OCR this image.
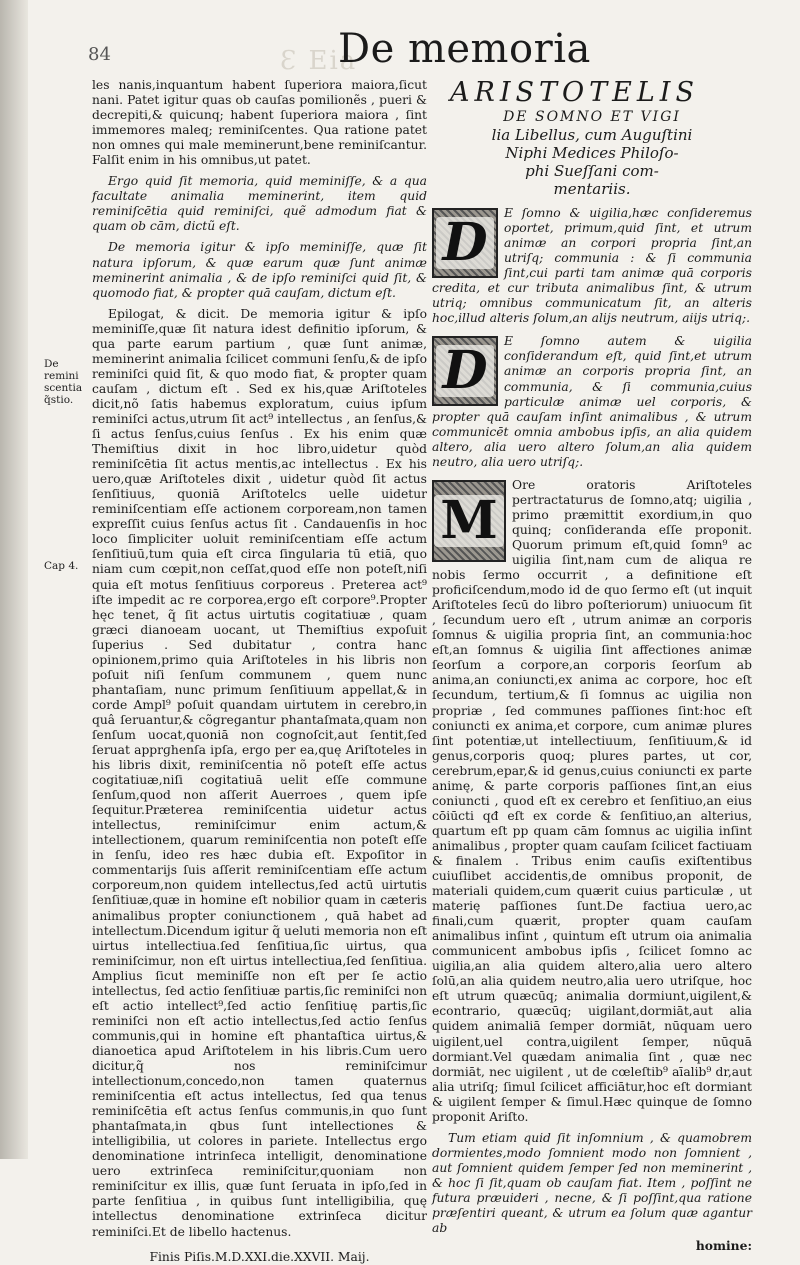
Ɛ Eia
84	De memoria
De remini scentia q̃stio.
Cap 4.

les nanis,inquantum habent ſuperiora maiora,ſicut nani. Patet igitur quas ob cauſas pomilionẽs , pueri & decrepiti,& quicunq; habent ſuperiora maiora , ſint immemores maleq; reminiſcentes. Qua ratione patet non omnes qui male meminerunt,bene reminiſcantur. Falſit enim in his omnibus,ut patet.

Ergo quid ſit memoria, quid meminiſſe, & a qua facultate animalia meminerint, item quid reminiſcētia quid reminiſci, quẽ admodum fiat & quam ob cām, dictũ eſt.

De memoria igitur & ipſo meminiſſe, quæ ſit natura ipſorum, & quæ earum quæ ſunt animæ meminerint animalia , & de ipſo reminiſci quid ſit, & quomodo fiat, & propter quā cauſam, dictum eſt.

Epilogat, & dicit. De memoria igitur & ipſo meminiſſe,quæ ſit natura idest definitio ipſorum, & qua parte earum partium , quæ ſunt animæ, meminerint animalia ſcilicet communi ſenſu,& de ipſo reminiſci quid ſit, & quo modo fiat, & propter quam cauſam , dictum eſt . Sed ex his,quæ Ariſtoteles dicit,nõ ſatis habemus exploratum, cuius ipſum reminiſci actus,utrum ſit act⁹ intellectus , an ſenſus,& ſi actus ſenſus,cuius ſenſus . Ex his enim quæ Themiſtius dixit in hoc libro,uidetur quòd reminiſcētia ſit actus mentis,ac intellectus . Ex his uero,quæ Ariſtoteles dixit , uidetur quòd ſit actus ſenſitiuus, quoniā Ariſtotelcs uelle uidetur reminiſcentiam eſſe actionem corpoream,non tamen expreſſit cuius ſenſus actus ſit . Candauenſis in hoc loco ſimpliciter uoluit reminiſcentiam eſſe actum ſenſitiuū,tum quia eſt circa ſingularia tū etiā, quo niam cum cœpit,non ceſſat,quod eſſe non poteſt,niſi quia eſt motus ſenſitiuus corporeus . Preterea act⁹ iſte impedit ac re corporea,ergo eſt corpore⁹.Propter hęc tenet, q̃ ſit actus uirtutis cogitatiuæ , quam græci dianoeam uocant, ut Themiſtius expoſuit ſuperius . Sed dubitatur , contra hanc opinionem,primo quia Ariſtoteles in his libris non poſuit niſi ſenſum communem , quem nunc phantaſiam, nunc primum ſenſitiuum appellat,& in corde Ampl⁹ poſuit quandam uirtutem in cerebro,in quâ ſeruantur,& cõgregantur phantaſmata,quam non ſenſum uocat,quoniā non cognoſcit,aut ſentit,ſed ſeruat apprɡhenſa ipſa, ergo per ea,quę Ariſtoteles in his libris dixit, reminiſcentia nõ poteſt eſſe actus cogitatiuæ,niſi cogitatiuā uelit eſſe commune ſenſum,quod non aſſerit Auerroes , quem ipſe ſequitur.Præterea reminiſcentia uidetur actus intellectus, reminiſcimur enim actum,& intellectionem, quarum reminiſcentia non poteſt eſſe in ſenſu, ideo res hæc dubia eſt. Expoſitor in commentarijs ſuis aſſerit reminiſcentiam eſſe actum corporeum,non quidem intellectus,ſed actū uirtutis ſenſitiuæ,quæ in homine eſt nobilior quam in cæteris animalibus propter coniunctionem , quā habet ad intellectum.Dicendum igitur q̃ ueluti memoria non eſt uirtus intellectiua.ſed ſenſitiua,ſic uirtus, qua reminiſcimur, non eſt uirtus intellectiua,ſed ſenſitiua. Amplius ſicut meminiſſe non eſt per ſe actio intellectus, ſed actio ſenſitiuæ partis,ſic reminiſci non eſt actio intellect⁹,ſed actio ſenſitiuę partis,ſic reminiſci non eſt actio intellectus,ſed actio ſenſus communis,qui in homine eſt phantaſtica uirtus,& dianoetica apud Ariſtotelem in his libris.Cum uero dicitur,q̃ nos reminiſcimur intellectionum,concedo,non tamen quaternus reminiſcentia eſt actus intellectus, ſed qua tenus reminiſcētia eſt actus ſenſus communis,in quo ſunt phantaſmata,in qbus ſunt intellectiones & intelligibilia, ut colores in pariete. Intellectus ergo denominatione intrinſeca intelligit, denominatione uero extrinſeca reminiſcitur,quoniam non reminiſcitur ex illis, quæ ſunt ſeruata in ipſo,ſed in parte ſenſitiua , in quibus ſunt intelligibilia, quę intellectus denominatione extrinſeca dicitur reminiſci.Et de libello hactenus.

Finis Piſis.M.D.XXI.die.XXVII. Maij.

ARISTOTELIS
DE SOMNO ET VIGI
lia Libellus, cum Auguſtini
Niphi Medices Philoſo-
phi Sueſſani com-
mentariis.

D	E ſomno & uigilia,hæc conſideremus oportet, primum,quid ſint, et utrum animæ an corpori propria ſint,an utriſq; communia : & ſi communia ſint,cui parti tam animæ quā corporis credita, et cur tributa animalibus ſint, & utrum utriq; omnibus communicatum ſit, an alteris hoc,illud alteris ſolum,an alijs neutrum, aiijs utriq;.

D	E ſomno autem & uigilia conſiderandum eſt, quid ſint,et utrum animæ an corporis propria ſint, an communia, & ſi communia,cuius particulæ animæ uel corporis, & propter quā cauſam inſint animalibus , & utrum communicēt omnia ambobus ipſis, an alia quidem altero, alia uero altero ſolum,an alia quidem neutro, alia uero utriſq;.

M
Ore oratoris Ariſtoteles pertractaturus de ſomno,atq; uigilia , primo præmittit exordium,in quo quinq; conſideranda eſſe proponit. Quorum primum eſt,quid ſomn⁹ ac uigilia ſint,nam cum de aliqua re nobis ſermo occurrit , a definitione eſt proficiſcendum,modo id de quo ſermo eſt (ut inquit Ariſtoteles ſecū do libro poſteriorum) uniuocum ſit , ſecundum uero eſt , utrum animæ an corporis ſomnus & uigilia propria ſint, an communia:hoc eſt,an ſomnus & uigilia ſint affectiones animæ ſeorſum a corpore,an corporis ſeorſum ab anima,an coniuncti,ex anima ac corpore, hoc eſt ſecundum, tertium,& ſi ſomnus ac uigilia non propriæ , ſed communes paſſiones ſint:hoc eſt coniuncti ex anima,et corpore, cum animæ plures ſint potentiæ,ut intellectiuum, ſenſitiuum,& id genus,corporis quoq; plures partes, ut cor, cerebrum,epar,& id genus,cuius coniuncti ex parte animę, & parte corporis paſſiones ſint,an eius coniuncti , quod eſt ex cerebro et ſenſitiuo,an eius cōiūcti qđ eſt ex corde & ſenſitiuo,an alterius, quartum eſt pp quam cām ſomnus ac uigilia inſint animalibus , propter quam cauſam ſcilicet factiuam & finalem . Tribus enim cauſis exiſtentibus cuiuſlibet accidentis,de omnibus proponit, de materiali quidem,cum quærit cuius particulæ , ut materię paſſiones ſunt.De factiua uero,ac finali,cum quærit, propter quam cauſam animalibus inſint , quintum eſt utrum oia animalia communicent ambobus ipſis , ſcilicet ſomno ac uigilia,an alia quidem altero,alia uero altero ſolū,an alia quidem neutro,alia uero utriſque, hoc eſt utrum quæcūq; animalia dormiunt,uigilent,& econtrario, quæcūq; uigilant,dormiāt,aut alia quidem animaliā ſemper dormiāt, nūquam uero uigilent,uel contra,uigilent ſemper, nūquā dormiant.Vel quædam animalia ſint , quæ nec dormiāt, nec uigilent , ut de cœleſtib⁹ aīalib⁹ dr,aut alia utriſq; ſimul ſcilicet afficiātur,hoc eſt dormiant & uigilent ſemper & ſimul.Hæc quinque de ſomno proponit Ariſto.

Tum etiam quid ſit inſomnium , & quamobrem dormientes,modo ſomnient modo non ſomnient , aut ſomnient quidem ſemper ſed non meminerint , & hoc ſi ſit,quam ob cauſam fiat. Item , poſſint ne futura præuideri , necne, & ſi poſſint,qua ratione præſentiri queant, & utrum ea ſolum quæ agantur ab

homine:
